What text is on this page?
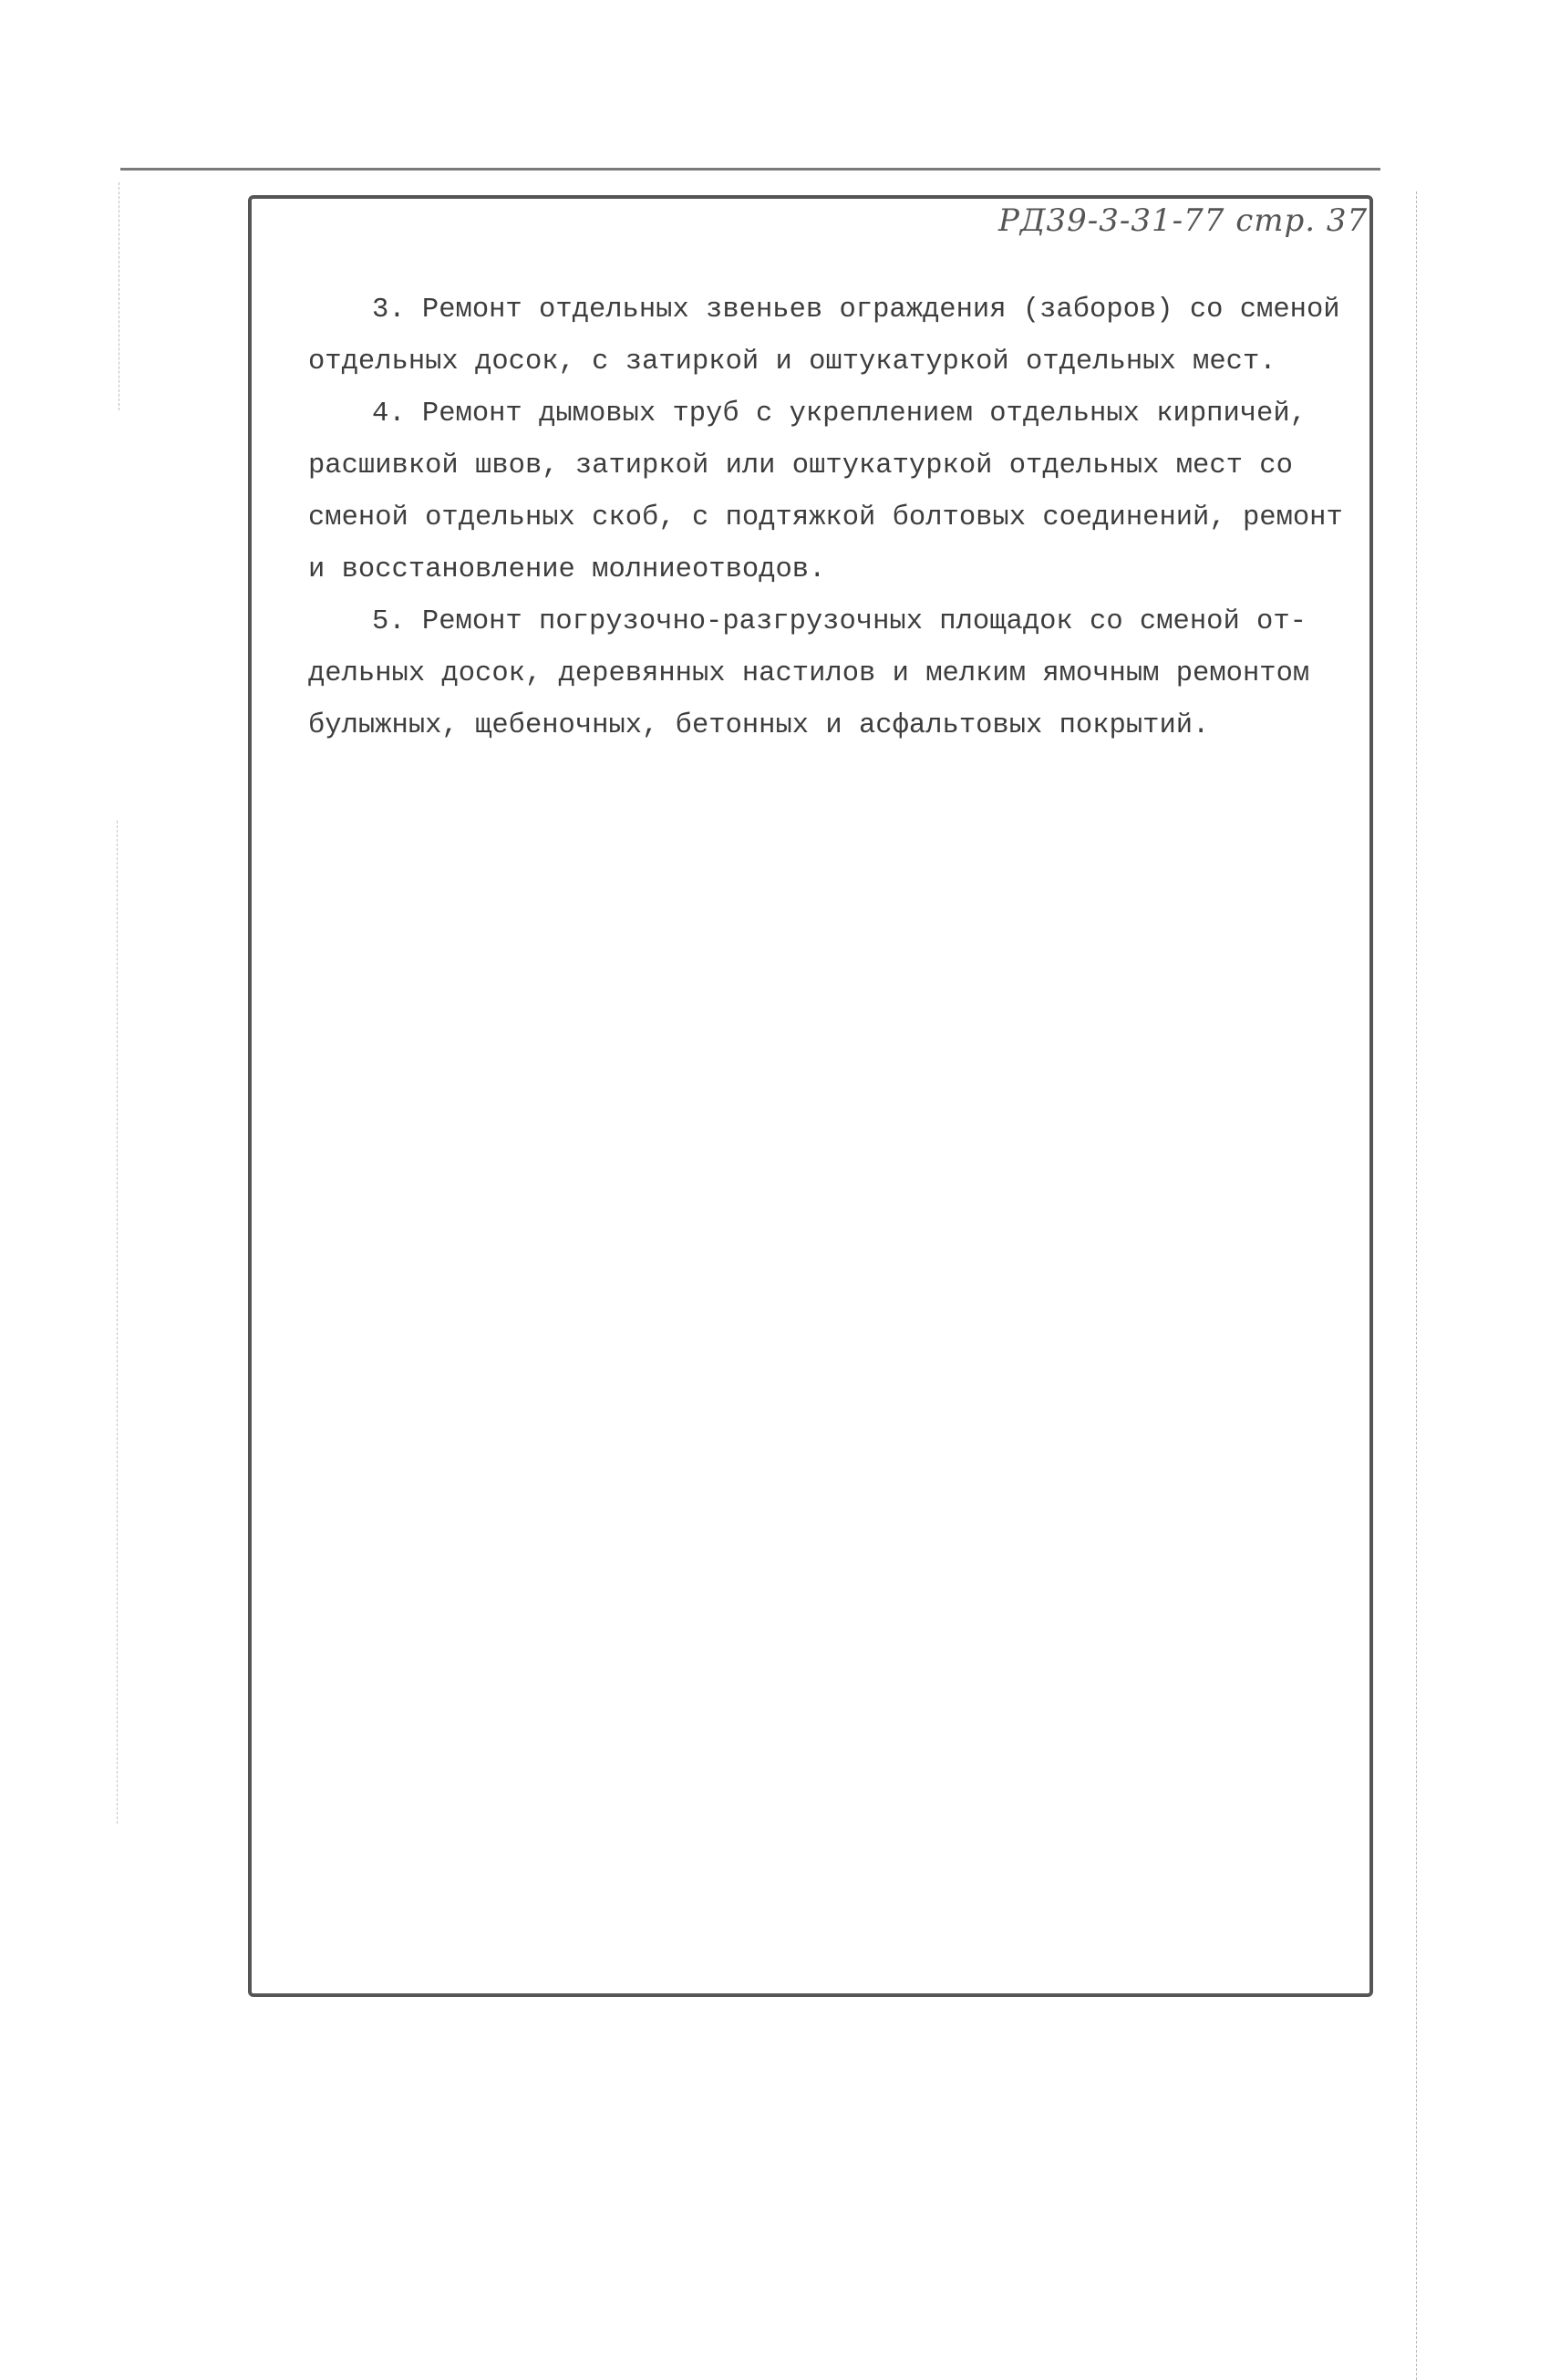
РД39-3-31-77 стр. 37
3. Ремонт отдельных звеньев ограждения (заборов) со сменой
отдельных досок, с затиркой и оштукатуркой отдельных мест.
4. Ремонт дымовых труб с укреплением отдельных кирпичей,
расшивкой швов, затиркой или оштукатуркой отдельных мест со
сменой отдельных скоб, с подтяжкой болтовых соединений, ремонт
и восстановление молниеотводов.
5. Ремонт погрузочно-разгрузочных площадок со сменой от-
дельных досок, деревянных настилов и мелким ямочным ремонтом
булыжных, щебеночных, бетонных и асфальтовых покрытий.
